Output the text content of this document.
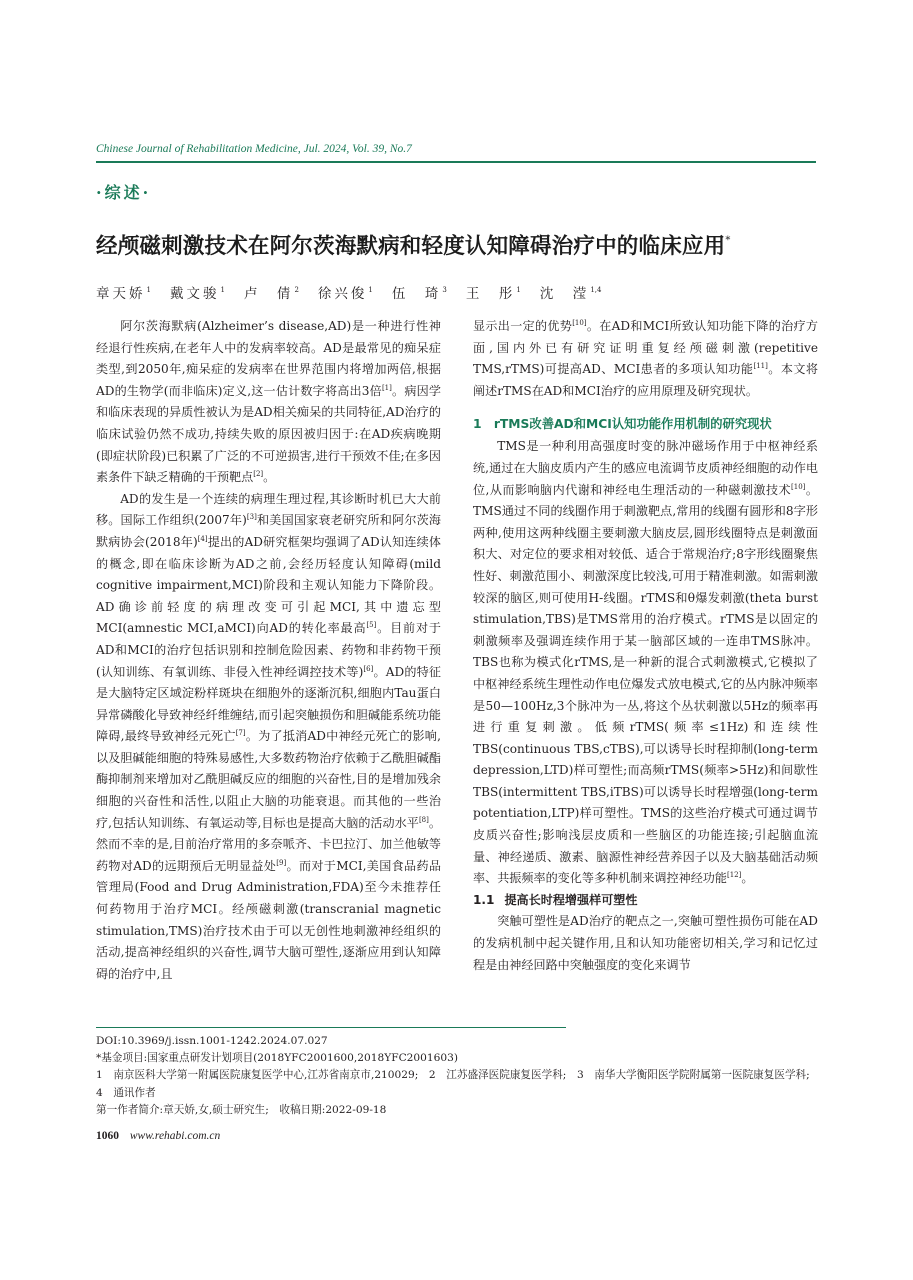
Chinese Journal of Rehabilitation Medicine, Jul. 2024, Vol. 39, No.7
·综述·
经颅磁刺激技术在阿尔茨海默病和轻度认知障碍治疗中的临床应用*
章天娇$^1$ 戴文骏$^1$ 卢　倩$^2$ 徐兴俊$^1$ 伍　琦$^3$ 王　彤$^1$ 沈　滢$^{1,4}$

阿尔茨海默病(Alzheimer’s disease,AD)是一种进行性神经退行性疾病,在老年人中的发病率较高。AD是最常见的痴呆症类型,到2050年,痴呆症的发病率在世界范围内将增加两倍,根据AD的生物学(而非临床)定义,这一估计数字将高出3倍[1]。病因学和临床表现的异质性被认为是AD相关痴呆的共同特征,AD治疗的临床试验仍然不成功,持续失败的原因被归因于:在AD疾病晚期(即症状阶段)已积累了广泛的不可逆损害,进行干预效不佳;在多因素条件下缺乏精确的干预靶点[2]。

AD的发生是一个连续的病理生理过程,其诊断时机已大大前移。国际工作组织(2007年)[3]和美国国家衰老研究所和阿尔茨海默病协会(2018年)[4]提出的AD研究框架均强调了AD认知连续体的概念,即在临床诊断为AD之前,会经历轻度认知障碍(mild cognitive impairment,MCI)阶段和主观认知能力下降阶段。AD确诊前轻度的病理改变可引起MCI,其中遗忘型MCI(amnestic MCI,aMCI)向AD的转化率最高[5]。目前对于AD和MCI的治疗包括识别和控制危险因素、药物和非药物干预(认知训练、有氧训练、非侵入性神经调控技术等)[6]。AD的特征是大脑特定区域淀粉样斑块在细胞外的逐渐沉积,细胞内Tau蛋白异常磷酸化导致神经纤维缠结,而引起突触损伤和胆碱能系统功能障碍,最终导致神经元死亡[7]。为了抵消AD中神经元死亡的影响,以及胆碱能细胞的特殊易感性,大多数药物治疗依赖于乙酰胆碱酯酶抑制剂来增加对乙酰胆碱反应的细胞的兴奋性,目的是增加残余细胞的兴奋性和活性,以阻止大脑的功能衰退。而其他的一些治疗,包括认知训练、有氧运动等,目标也是提高大脑的活动水平[8]。然而不幸的是,目前治疗常用的多奈哌齐、卡巴拉汀、加兰他敏等药物对AD的远期预后无明显益处[9]。而对于MCI,美国食品药品管理局(Food and Drug Administration,FDA)至今未推荐任何药物用于治疗MCI。经颅磁刺激(transcranial magnetic stimulation,TMS)治疗技术由于可以无创性地刺激神经组织的活动,提高神经组织的兴奋性,调节大脑可塑性,逐渐应用到认知障碍的治疗中,且

显示出一定的优势[10]。在AD和MCI所致认知功能下降的治疗方面,国内外已有研究证明重复经颅磁刺激(repetitive TMS,rTMS)可提高AD、MCI患者的多项认知功能[11]。本文将阐述rTMS在AD和MCI治疗的应用原理及研究现状。

1　rTMS改善AD和MCI认知功能作用机制的研究现状

TMS是一种利用高强度时变的脉冲磁场作用于中枢神经系统,通过在大脑皮质内产生的感应电流调节皮质神经细胞的动作电位,从而影响脑内代谢和神经电生理活动的一种磁刺激技术[10]。TMS通过不同的线圈作用于刺激靶点,常用的线圈有圆形和8字形两种,使用这两种线圈主要刺激大脑皮层,圆形线圈特点是刺激面积大、对定位的要求相对较低、适合于常规治疗;8字形线圈聚焦性好、刺激范围小、刺激深度比较浅,可用于精准刺激。如需刺激较深的脑区,则可使用H-线圈。rTMS和θ爆发刺激(theta burst stimulation,TBS)是TMS常用的治疗模式。rTMS是以固定的刺激频率及强调连续作用于某一脑部区域的一连串TMS脉冲。TBS也称为模式化rTMS,是一种新的混合式刺激模式,它模拟了中枢神经系统生理性动作电位爆发式放电模式,它的丛内脉冲频率是50—100Hz,3个脉冲为一丛,将这个丛状刺激以5Hz的频率再进行重复刺激。低频rTMS(频率≤1Hz)和连续性TBS(continuous TBS,cTBS),可以诱导长时程抑制(long-term depression,LTD)样可塑性;而高频rTMS(频率>5Hz)和间歇性TBS(intermittent TBS,iTBS)可以诱导长时程增强(long-term potentiation,LTP)样可塑性。TMS的这些治疗模式可通过调节皮质兴奋性;影响浅层皮质和一些脑区的功能连接;引起脑血流量、神经递质、激素、脑源性神经营养因子以及大脑基础活动频率、共振频率的变化等多种机制来调控神经功能[12]。

1.1 提高长时程增强样可塑性

突触可塑性是AD治疗的靶点之一,突触可塑性损伤可能在AD的发病机制中起关键作用,且和认知功能密切相关,学习和记忆过程是由神经回路中突触强度的变化来调节

DOI:10.3969/j.issn.1001-1242.2024.07.027

*基金项目:国家重点研发计划项目(2018YFC2001600,2018YFC2001603)

1　南京医科大学第一附属医院康复医学中心,江苏省南京市,210029;　2　江苏盛泽医院康复医学科;　3　南华大学衡阳医学院附属第一医院康复医学科;　4　通讯作者

第一作者简介:章天娇,女,硕士研究生;　收稿日期:2022-09-18

1060 www.rehabi.com.cn
